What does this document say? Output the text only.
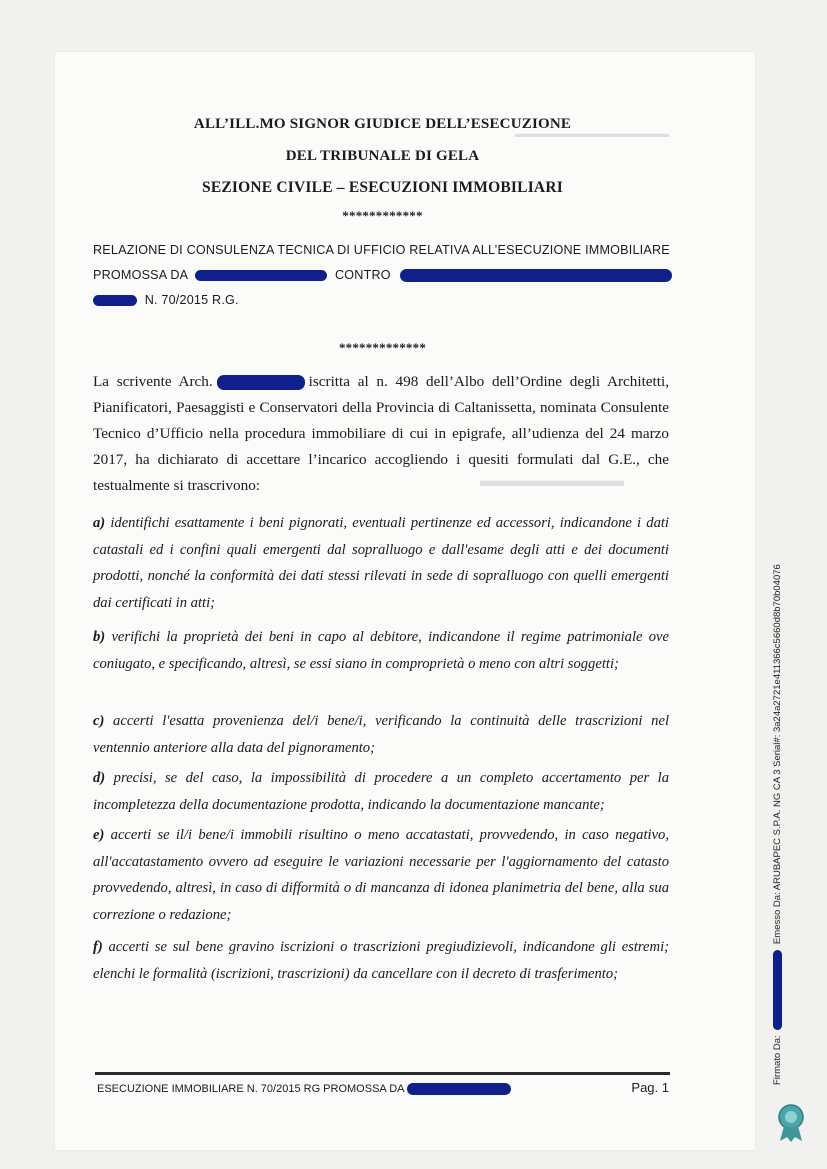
▬▬▬▬▬▬▬▬▬▬▬▬▬▬
▬▬▬▬▬▬▬▬
ALL’ILL.MO SIGNOR GIUDICE DELL’ESECUZIONE
DEL TRIBUNALE DI GELA
SEZIONE CIVILE – ESECUZIONI IMMOBILIARI
************
RELAZIONE DI CONSULENZA TECNICA DI UFFICIO RELATIVA ALL’ESECUZIONE IMMOBILIARE
PROMOSSA DA	CONTRO
N. 70/2015 R.G.
*************
La scrivente Arch.	iscritta al n. 498 dell’Albo dell’Ordine degli Architetti, Pianificatori, Paesaggisti e Conservatori della Provincia di Caltanissetta, nominata Consulente Tecnico d’Ufficio nella procedura immobiliare di cui in epigrafe, all’udienza del 24 marzo 2017, ha dichiarato di accettare l’incarico accogliendo i quesiti formulati dal G.E., che testualmente si trascrivono:
a) identifichi esattamente i beni pignorati, eventuali pertinenze ed accessori, indicandone i dati catastali ed i confini quali emergenti dal sopralluogo e dall'esame degli atti e dei documenti prodotti, nonché la conformità dei dati stessi rilevati in sede di sopralluogo con quelli emergenti dai certificati in atti;
b) verifichi la proprietà dei beni in capo al debitore, indicandone il regime patrimoniale ove coniugato, e specificando, altresì, se essi siano in comproprietà o meno con altri soggetti;
c) accerti l'esatta provenienza del/i bene/i, verificando la continuità delle trascrizioni nel ventennio anteriore alla data del pignoramento;
d) precisi, se del caso, la impossibilità di procedere a un completo accertamento per la incompletezza della documentazione prodotta, indicando la documentazione mancante;
e) accerti se il/i bene/i immobili risultino o meno accatastati, provvedendo, in caso negativo, all'accatastamento ovvero ad eseguire le variazioni necessarie per l'aggiornamento del catasto provvedendo, altresì, in caso di difformità o di mancanza di idonea planimetria del bene, alla sua correzione o redazione;
f) accerti se sul bene gravino iscrizioni o trascrizioni pregiudizievoli, indicandone gli estremi; elenchi le formalità (iscrizioni, trascrizioni) da cancellare con il decreto di trasferimento;
ESECUZIONE IMMOBILIARE N. 70/2015 RG PROMOSSA DA	Pag. 1
Firmato Da:  Emesso Da: ARUBAPEC S.P.A. NG CA 3 Serial#: 3a24a2721e411366c5660d8b70b04076
